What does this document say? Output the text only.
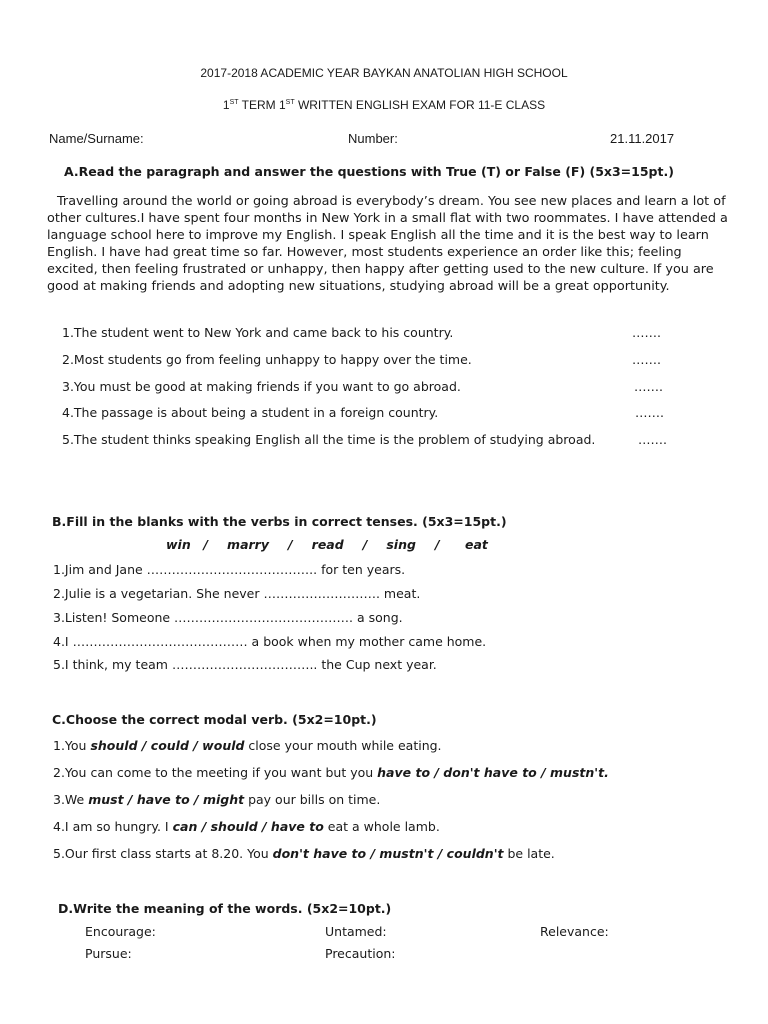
2017-2018 ACADEMIC YEAR BAYKAN ANATOLIAN HIGH SCHOOL
1ST TERM 1ST WRITTEN ENGLISH EXAM FOR 11-E CLASS
Name/Surname:	Number:	21.11.2017
A.Read the paragraph and answer the questions with True (T) or False (F) (5x3=15pt.)
Travelling around the world or going abroad is everybody’s dream. You see new places and learn a lot of other cultures.I have spent four months in New York in a small flat with two roommates. I have attended a language school here to improve my English. I speak English all the time and it is the best way to learn English. I have had great time so far. However, most students experience an order like this; feeling excited, then feeling frustrated or unhappy, then happy after getting used to the new culture. If you are good at making friends and adopting new situations, studying abroad will be a great opportunity.
1.The student went to New York and came back to his country.	…….
2.Most students go from feeling unhappy to happy over the time.	…….
3.You must be good at making friends if you want to go abroad.	…….
4.The passage is about being a student in a foreign country.	…….
5.The student thinks speaking English all the time is the problem of studying abroad.	…….
B.Fill in the blanks with the verbs in correct tenses. (5x3=15pt.)
win  /   marry   /   read   /   sing   /    eat
1.Jim and Jane ………………………………….. for ten years.
2.Julie is a vegetarian. She never ………………………. meat.
3.Listen! Someone ……………………………………. a song.
4.I …………………………………… a book when my mother came home.
5.I think, my team …………………………….. the Cup next year.
C.Choose the correct modal verb. (5x2=10pt.)
1.You should / could / would close your mouth while eating.
2.You can come to the meeting if you want but you have to / don't have to / mustn't.
3.We must / have to / might pay our bills on time.
4.I am so hungry. I can / should / have to eat a whole lamb.
5.Our first class starts at 8.20. You don't have to / mustn't / couldn't be late.
D.Write the meaning of the words. (5x2=10pt.)
Encourage:	Untamed:	Relevance:
Pursue:	Precaution:
